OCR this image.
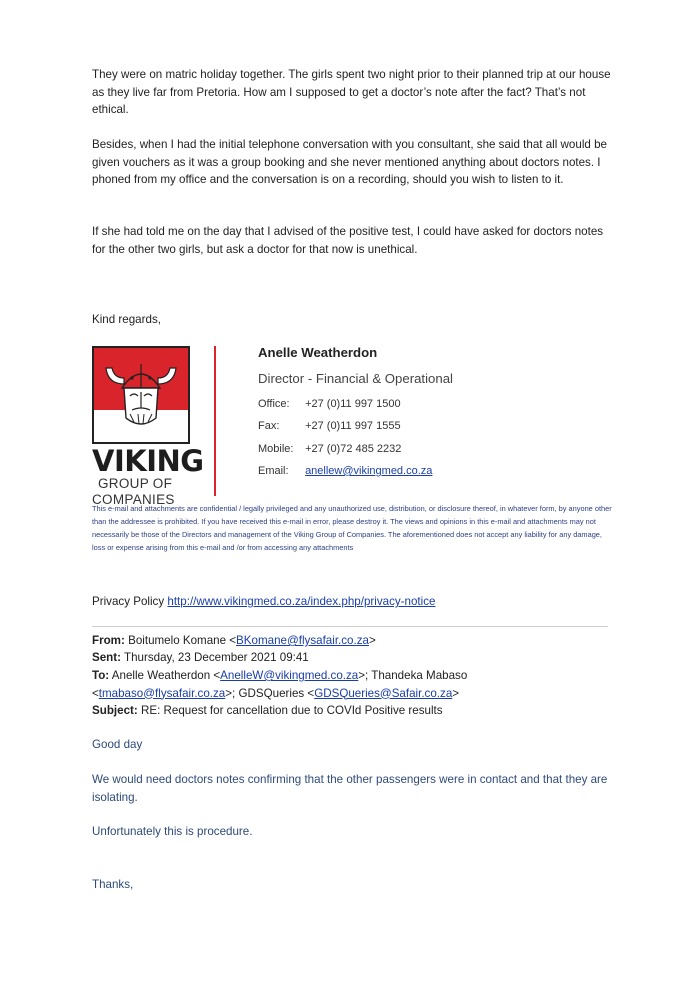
They were on matric holiday together. The girls spent two night prior to their planned trip at our house as they live far from Pretoria. How am I supposed to get a doctor’s note after the fact? That’s not ethical.

Besides, when I had the initial telephone conversation with you consultant, she said that all would be given vouchers as it was a group booking and she never mentioned anything about doctors notes. I phoned from my office and the conversation is on a recording, should you wish to listen to it.

If she had told me on the day that I advised of the positive test, I could have asked for doctors notes for the other two girls, but ask a doctor for that now is unethical.

Kind regards,

VIKING
GROUP OF
COMPANIES
Anelle Weatherdon
Director - Financial & Operational
Office: +27 (0)11 997 1500
Fax: +27 (0)11 997 1555
Mobile: +27 (0)72 485 2232
Email: anellew@vikingmed.co.za

This e-mail and attachments are confidential / legally privileged and any unauthorized use, distribution, or disclosure thereof, in whatever form, by anyone other than the addressee is prohibited. If you have received this e-mail in error, please destroy it. The views and opinions in this e-mail and attachments may not necessarily be those of the Directors and management of the Viking Group of Companies. The aforementioned does not accept any liability for any damage, loss or expense arising from this e-mail and /or from accessing any attachments

Privacy Policy http://www.vikingmed.co.za/index.php/privacy-notice
From: Boitumelo Komane <BKomane@flysafair.co.za>
Sent: Thursday, 23 December 2021 09:41
To: Anelle Weatherdon <AnelleW@vikingmed.co.za>; Thandeka Mabaso
<tmabaso@flysafair.co.za>; GDSQueries <GDSQueries@Safair.co.za>
Subject: RE: Request for cancellation due to COVId Positive results

Good day

We would need doctors notes confirming that the other passengers were in contact and that they are isolating.

Unfortunately this is procedure.

Thanks,
